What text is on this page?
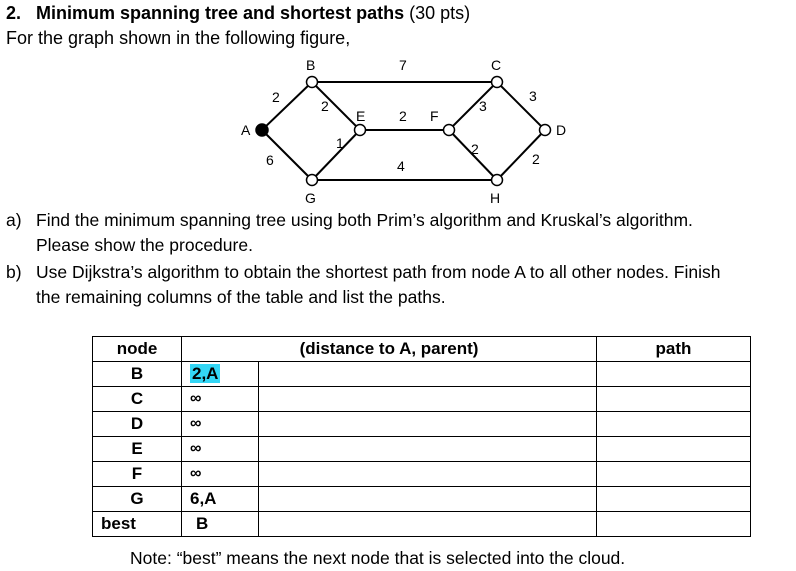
2. Minimum spanning tree and shortest paths (30 pts)
For the graph shown in the following figure,
B	C
A	D
E	F
G	H
2
6
7
2
2
1
4
3
2
3
2
a) Find the minimum spanning tree using both Prim’s algorithm and Kruskal’s algorithm.
Please show the procedure.
b) Use Dijkstra’s algorithm to obtain the shortest path from node A to all other nodes. Finish
the remaining columns of the table and list the paths.
node	(distance to A, parent)		path
B	2,A		
C	∞		
D	∞		
E	∞		
F	∞		
G	6,A		
best	B		
Note: “best” means the next node that is selected into the cloud.
